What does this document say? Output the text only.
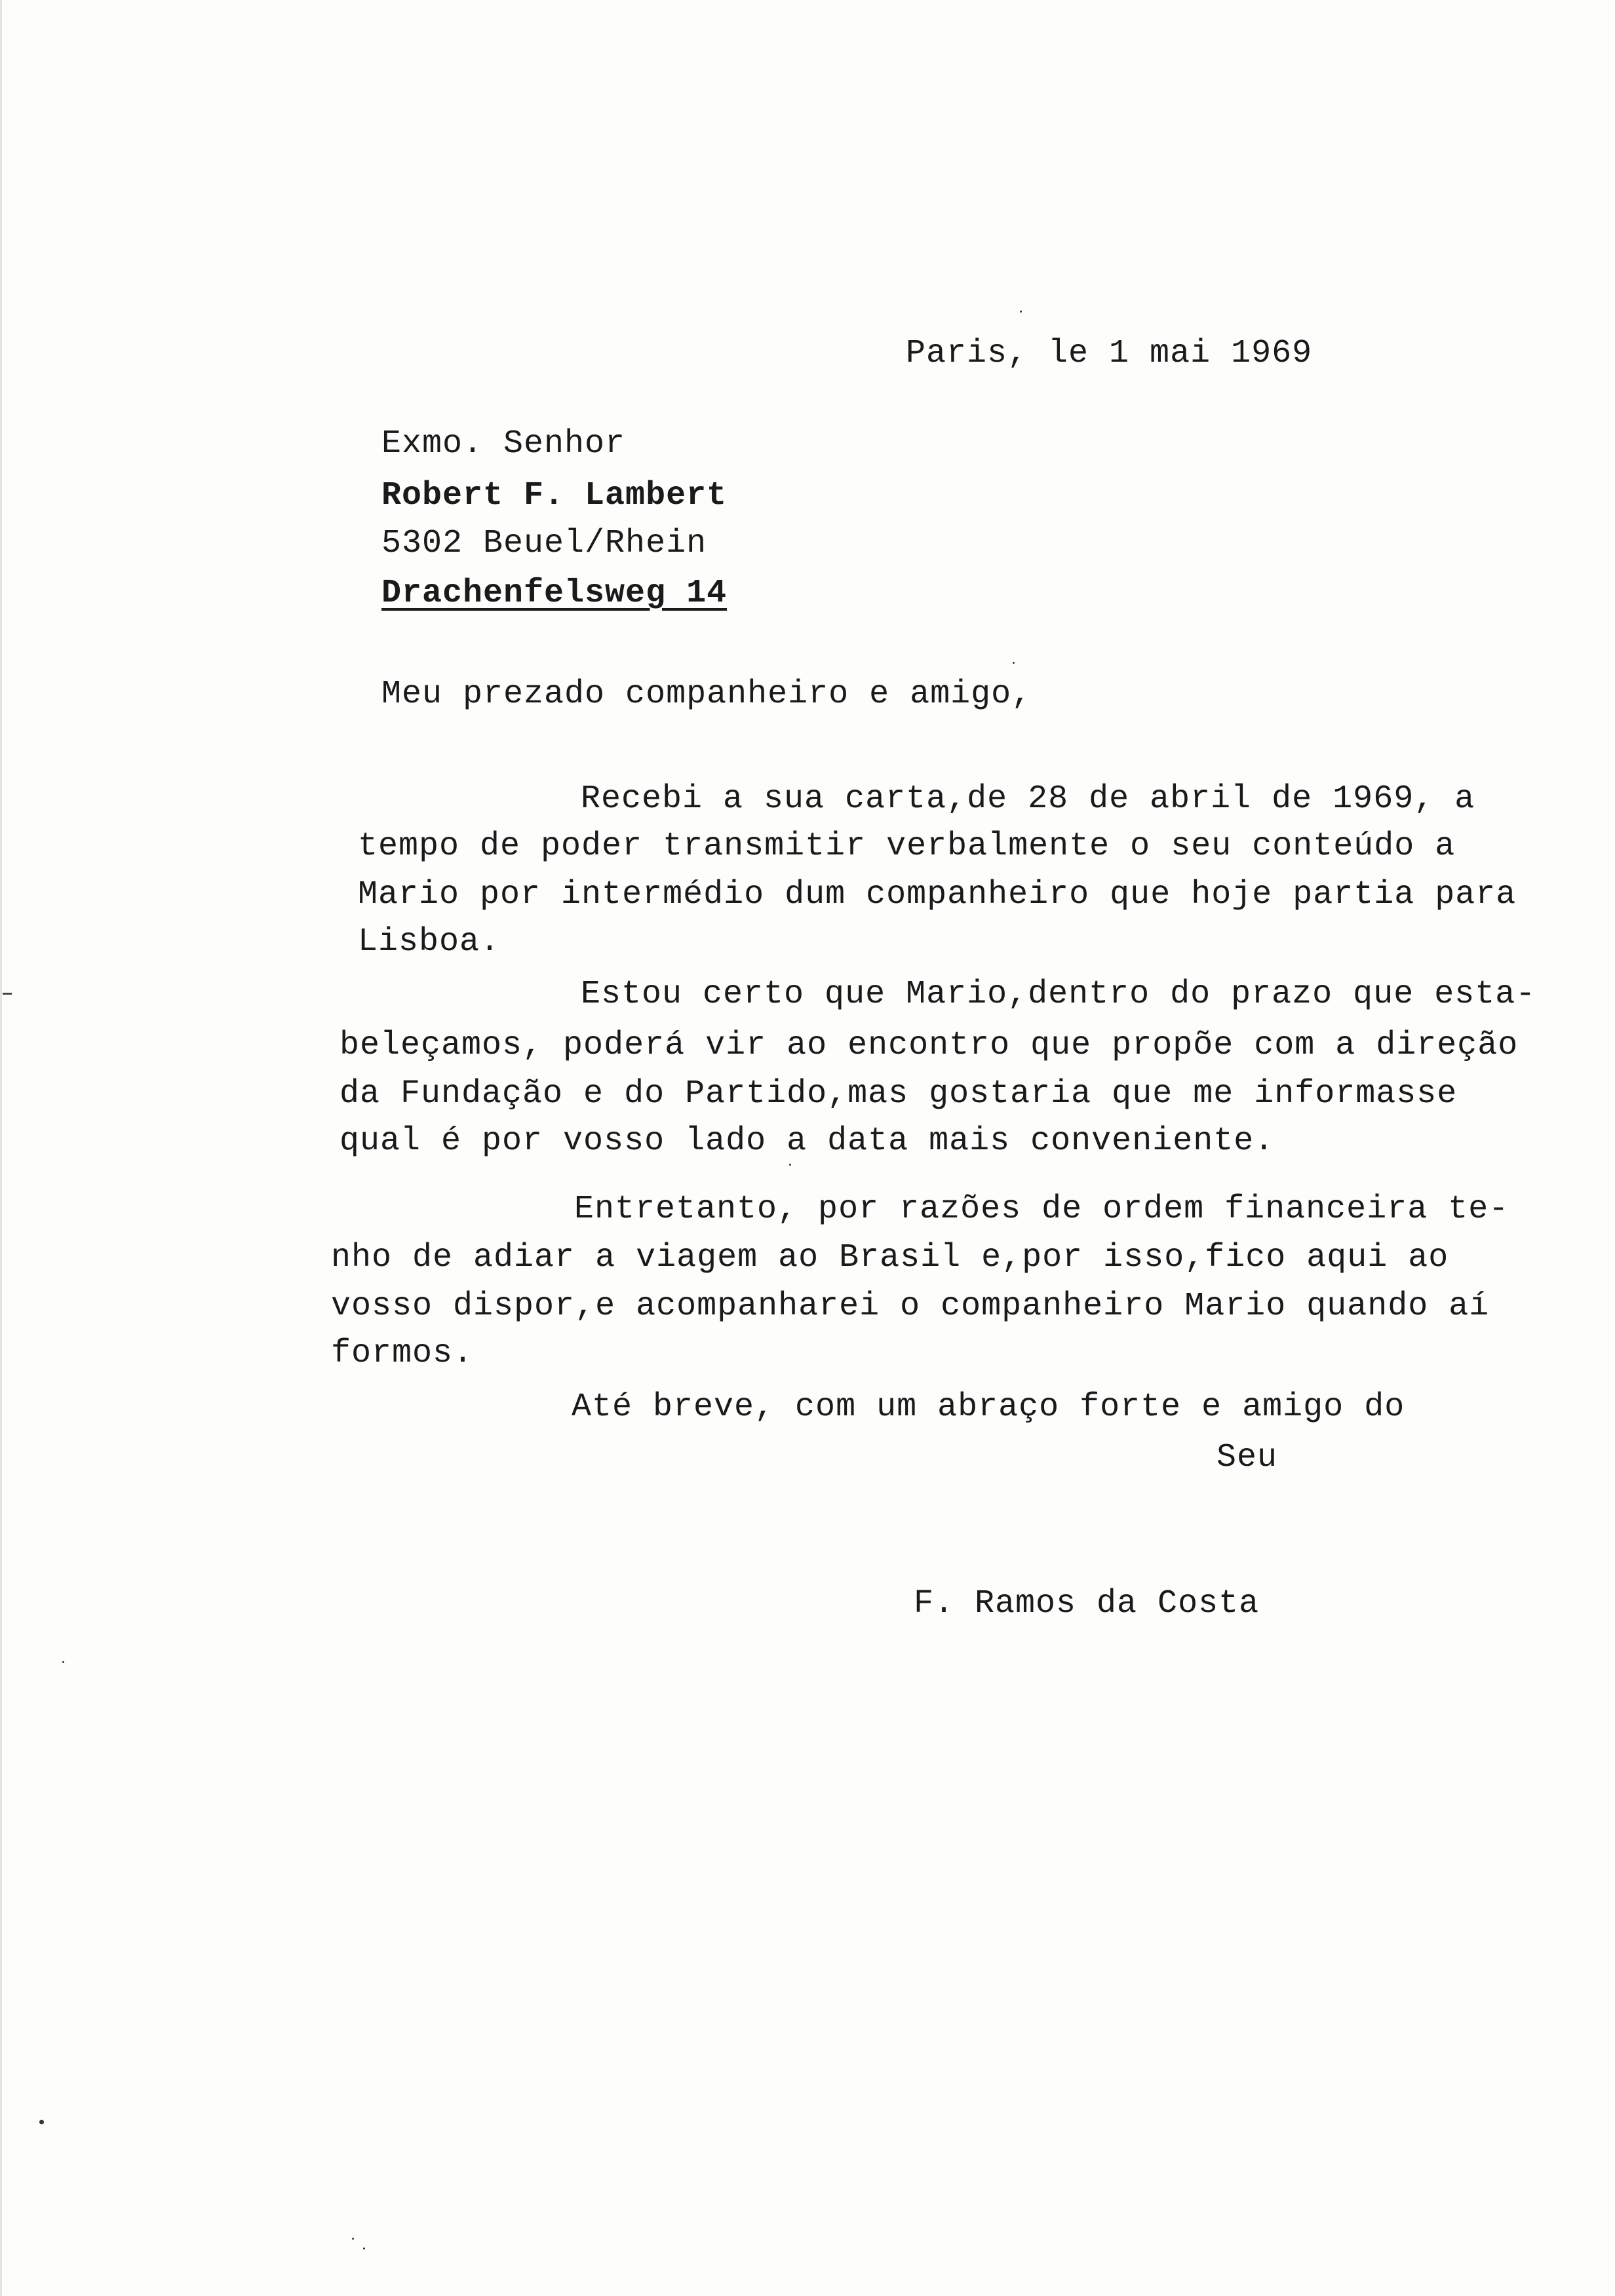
Paris, le 1 mai 1969
Exmo. Senhor
Robert F. Lambert
5302 Beuel/Rhein
Drachenfelsweg 14
Meu prezado companheiro e amigo,
Recebi a sua carta,de 28 de abril de 1969, a
tempo de poder transmitir verbalmente o seu conteúdo a
Mario por intermédio dum companheiro que hoje partia para
Lisboa.
Estou certo que Mario,dentro do prazo que esta-
beleçamos, poderá vir ao encontro que propõe com a direção
da Fundação e do Partido,mas gostaria que me informasse
qual é por vosso lado a data mais conveniente.
Entretanto, por razões de ordem financeira te-
nho de adiar a viagem ao Brasil e,por isso,fico aqui ao
vosso dispor,e acompanharei o companheiro Mario quando aí
formos.
Até breve, com um abraço forte e amigo do
Seu
F. Ramos da Costa
